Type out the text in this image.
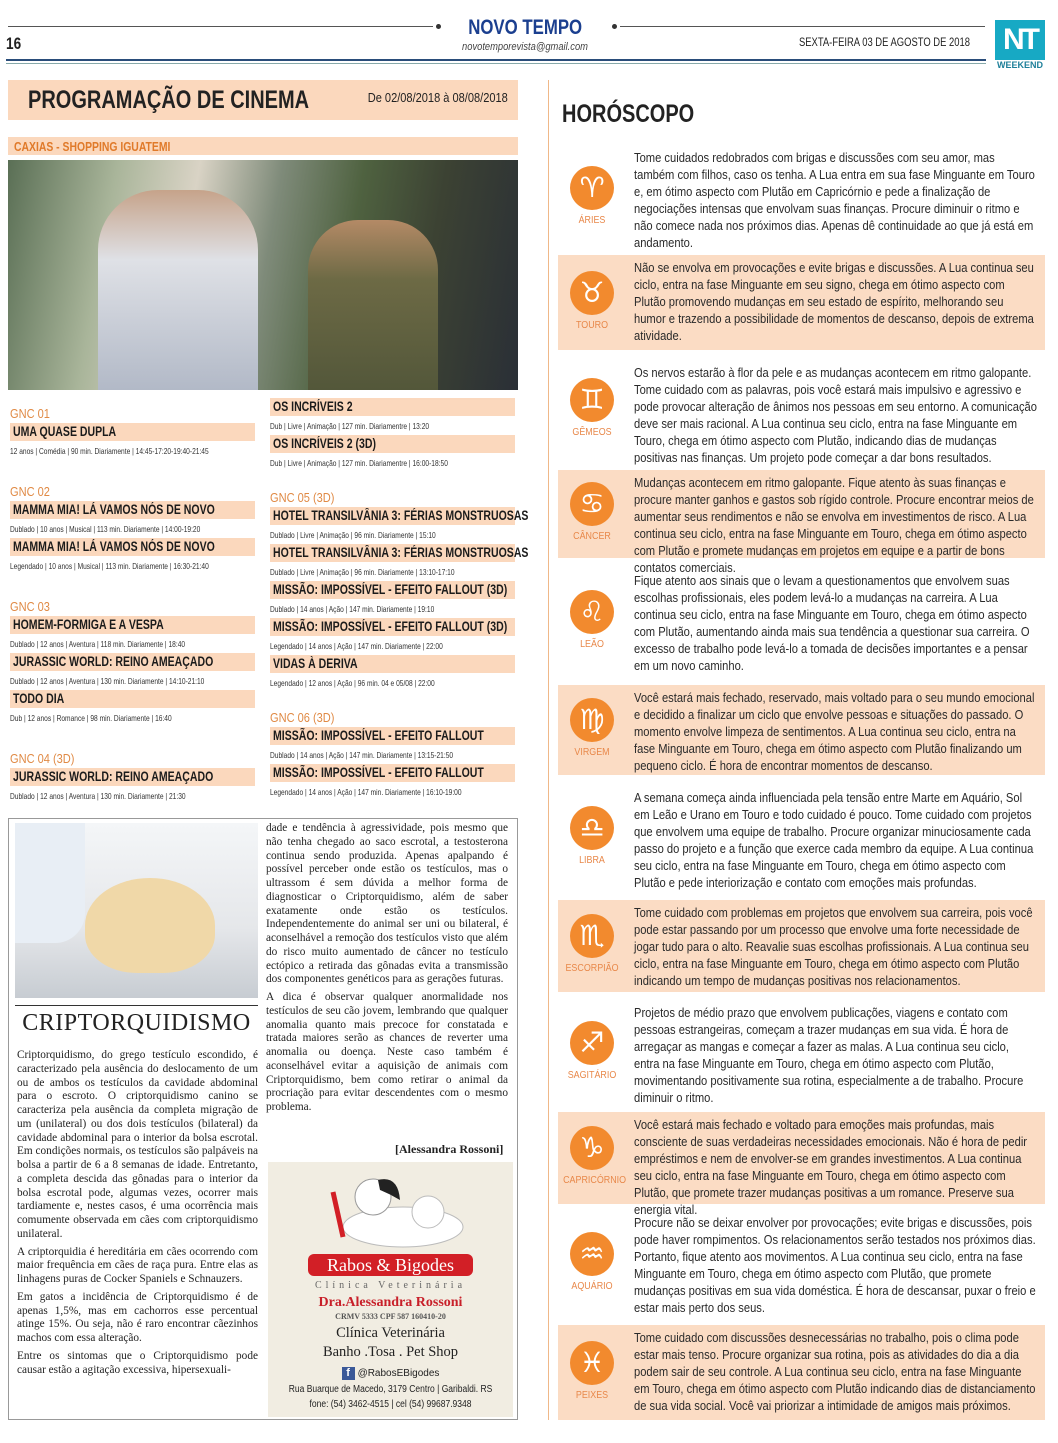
16
NOVO TEMPO
novotemporevista@gmail.com	SEXTA-FEIRA 03 DE AGOSTO DE 2018 NT
WEEKEND
PROGRAMAÇÃO DE CINEMA	De 02/08/2018 à 08/08/2018
CAXIAS - SHOPPING IGUATEMI
GNC 01
UMA QUASE DUPLA
12 anos | Comédia | 90 min. Diariamente | 14:45-17:20-19:40-21:45
GNC 02
MAMMA MIA! LÁ VAMOS NÓS DE NOVO
Dublado | 10 anos | Musical | 113 min. Diariamente | 14:00-19:20
MAMMA MIA! LÁ VAMOS NÓS DE NOVO
Legendado | 10 anos | Musical | 113 min. Diariamente | 16:30-21:40
GNC 03
HOMEM-FORMIGA E A VESPA
Dublado | 12 anos | Aventura | 118 min. Diariamente | 18:40
JURASSIC WORLD: REINO AMEAÇADO
Dublado | 12 anos | Aventura | 130 min. Diariamente | 14:10-21:10
TODO DIA
Dub | 12 anos | Romance | 98 min. Diariamente | 16:40
GNC 04 (3D)
JURASSIC WORLD: REINO AMEAÇADO
Dublado | 12 anos | Aventura | 130 min. Diariamente | 21:30
OS INCRÍVEIS 2
Dub | Livre | Animação | 127 min. Diariamentre | 13:20
OS INCRÍVEIS 2 (3D)
Dub | Livre | Animação | 127 min. Diariamentre | 16:00-18:50
GNC 05 (3D)
HOTEL TRANSILVÂNIA 3: FÉRIAS MONSTRUOSAS
Dublado | Livre | Animação | 96 min. Diariamente | 15:10
HOTEL TRANSILVÂNIA 3: FÉRIAS MONSTRUOSAS
Dublado | Livre | Animação | 96 min. Diariamente | 13:10-17:10
MISSÃO: IMPOSSÍVEL - EFEITO FALLOUT (3D)
Dublado | 14 anos | Ação | 147 min. Diariamente | 19:10
MISSÃO: IMPOSSÍVEL - EFEITO FALLOUT (3D)
Legendado | 14 anos | Ação | 147 min. Diariamente | 22:00
VIDAS À DERIVA
Legendado | 12 anos | Ação | 96 min. 04 e 05/08 | 22:00
GNC 06 (3D)
MISSÃO: IMPOSSÍVEL - EFEITO FALLOUT
Dublado | 14 anos | Ação | 147 min. Diariamente | 13:15-21:50
MISSÃO: IMPOSSÍVEL - EFEITO FALLOUT
Legendado | 14 anos | Ação | 147 min. Diariamente | 16:10-19:00
HORÓSCOPO
♈
ÁRIES
Tome cuidados redobrados com brigas e discussões com seu amor, mas também com filhos, caso os tenha. A Lua entra em sua fase Minguante em Touro e, em ótimo aspecto com Plutão em Capricórnio e pede a finalização de negociações intensas que envolvam suas finanças. Procure diminuir o ritmo e não comece nada nos próximos dias. Apenas dê continuidade ao que já está em andamento.
♉
TOURO
Não se envolva em provocações e evite brigas e discussões. A Lua continua seu ciclo, entra na fase Minguante em seu signo, chega em ótimo aspecto com Plutão promovendo mudanças em seu estado de espírito, melhorando seu humor e trazendo a possibilidade de momentos de descanso, depois de extrema atividade.
♊
GÊMEOS
Os nervos estarão à flor da pele e as mudanças acontecem em ritmo galopante. Tome cuidado com as palavras, pois você estará mais impulsivo e agressivo e pode provocar alteração de ânimos nos pessoas em seu entorno. A comunicação deve ser mais racional. A Lua continua seu ciclo, entra na fase Minguante em Touro, chega em ótimo aspecto com Plutão, indicando dias de mudanças positivas nas finanças. Um projeto pode começar a dar bons resultados.
♋
CÂNCER
Mudanças acontecem em ritmo galopante. Fique atento às suas finanças e procure manter ganhos e gastos sob rígido controle. Procure encontrar meios de aumentar seus rendimentos e não se envolva em investimentos de risco. A Lua continua seu ciclo, entra na fase Minguante em Touro, chega em ótimo aspecto com Plutão e promete mudanças em projetos em equipe e a partir de bons contatos comerciais.
♌
LEÃO
Fique atento aos sinais que o levam a questionamentos que envolvem suas escolhas profissionais, eles podem levá-lo a mudanças na carreira. A Lua continua seu ciclo, entra na fase Minguante em Touro, chega em ótimo aspecto com Plutão, aumentando ainda mais sua tendência a questionar sua carreira. O excesso de trabalho pode levá-lo a tomada de decisões importantes e a pensar em um novo caminho.
♍
VIRGEM
Você estará mais fechado, reservado, mais voltado para o seu mundo emocional e decidido a finalizar um ciclo que envolve pessoas e situações do passado. O momento envolve limpeza de sentimentos. A Lua continua seu ciclo, entra na fase Minguante em Touro, chega em ótimo aspecto com Plutão finalizando um pequeno ciclo. É hora de encontrar momentos de descanso.
♎
LIBRA
A semana começa ainda influenciada pela tensão entre Marte em Aquário, Sol em Leão e Urano em Touro e todo cuidado é pouco. Tome cuidado com projetos que envolvem uma equipe de trabalho. Procure organizar minuciosamente cada passo do projeto e a função que exerce cada membro da equipe. A Lua continua seu ciclo, entra na fase Minguante em Touro, chega em ótimo aspecto com Plutão e pede interiorização e contato com emoções mais profundas.
♏
ESCORPIÃO
Tome cuidado com problemas em projetos que envolvem sua carreira, pois você pode estar passando por um processo que envolve uma forte necessidade de jogar tudo para o alto. Reavalie suas escolhas profissionais. A Lua continua seu ciclo, entra na fase Minguante em Touro, chega em ótimo aspecto com Plutão indicando um tempo de mudanças positivas nos relacionamentos.
♐
SAGITÁRIO
Projetos de médio prazo que envolvem publicações, viagens e contato com pessoas estrangeiras, começam a trazer mudanças em sua vida. É hora de arregaçar as mangas e começar a fazer as malas. A Lua continua seu ciclo, entra na fase Minguante em Touro, chega em ótimo aspecto com Plutão, movimentando positivamente sua rotina, especialmente a de trabalho. Procure diminuir o ritmo.
♑
CAPRICÓRNIO
Você estará mais fechado e voltado para emoções mais profundas, mais consciente de suas verdadeiras necessidades emocionais. Não é hora de pedir empréstimos e nem de envolver-se em grandes investimentos. A Lua continua seu ciclo, entra na fase Minguante em Touro, chega em ótimo aspecto com Plutão, que promete trazer mudanças positivas a um romance. Preserve sua energia vital.
♒
AQUÁRIO
Procure não se deixar envolver por provocações; evite brigas e discussões, pois pode haver rompimentos. Os relacionamentos serão testados nos próximos dias. Portanto, fique atento aos movimentos. A Lua continua seu ciclo, entra na fase Minguante em Touro, chega em ótimo aspecto com Plutão, que promete mudanças positivas em sua vida doméstica. É hora de descansar, puxar o freio e estar mais perto dos seus.
♓
PEIXES
Tome cuidado com discussões desnecessárias no trabalho, pois o clima pode estar mais tenso. Procure organizar sua rotina, pois as atividades do dia a dia podem sair de seu controle. A Lua continua seu ciclo, entra na fase Minguante em Touro, chega em ótimo aspecto com Plutão indicando dias de distanciamento de sua vida social. Você vai priorizar a intimidade de amigos mais próximos.
CRIPTORQUIDISMO

Criptorquidismo, do grego testículo escondido, é caracterizado pela ausência do deslocamento de um ou de ambos os testículos da cavidade abdominal para o escroto. O criptorquidismo canino se caracteriza pela ausência da completa migração de um (unilateral) ou dos dois testículos (bilateral) da cavidade abdominal para o interior da bolsa escrotal. Em condições normais, os testículos são palpáveis na bolsa a partir de 6 a 8 semanas de idade. Entretanto, a completa descida das gônadas para o interior da bolsa escrotal pode, algumas vezes, ocorrer mais tardiamente e, nestes casos, é uma ocorrência mais comumente observada em cães com criptorquidismo unilateral.

A criptorquidia é hereditária em cães ocorrendo com maior frequência em cães de raça pura. Entre elas as linhagens puras de Cocker Spaniels e Schnauzers.

Em gatos a incidência de Criptorquidismo é de apenas 1,5%, mas em cachorros esse percentual atinge 15%. Ou seja, não é raro encontrar cãezinhos machos com essa alteração.

Entre os sintomas que o Criptorquidismo pode causar estão a agitação excessiva, hipersexuali-

dade e tendência à agressividade, pois mesmo que não tenha chegado ao saco escrotal, a testosterona continua sendo produzida. Apenas apalpando é possível perceber onde estão os testículos, mas o ultrassom é sem dúvida a melhor forma de diagnosticar o Criptorquidismo, além de saber exatamente onde estão os testículos. Independentemente do animal ser uni ou bilateral, é aconselhável a remoção dos testículos visto que além do risco muito aumentado de câncer no testículo ectópico a retirada das gônadas evita a transmissão dos componentes genéticos para as gerações futuras.

A dica é observar qualquer anormalidade nos testículos de seu cão jovem, lembrando que qualquer anomalia quanto mais precoce for constatada e tratada maiores serão as chances de reverter uma anomalia ou doença. Neste caso também é aconselhável evitar a aquisição de animais com Criptorquidismo, bem como retirar o animal da procriação para evitar descendentes com o mesmo problema.

[Alessandra Rossoni]
Rabos & Bigodes
Clínica Veterinária
Dra.Alessandra Rossoni
CRMV 5333 CPF 587 160410-20
Clínica Veterinária
Banho .Tosa . Pet Shop
f @RabosEBigodes
Rua Buarque de Macedo, 3179 Centro | Garibaldi. RS
fone: (54) 3462-4515 | cel (54) 99687.9348
